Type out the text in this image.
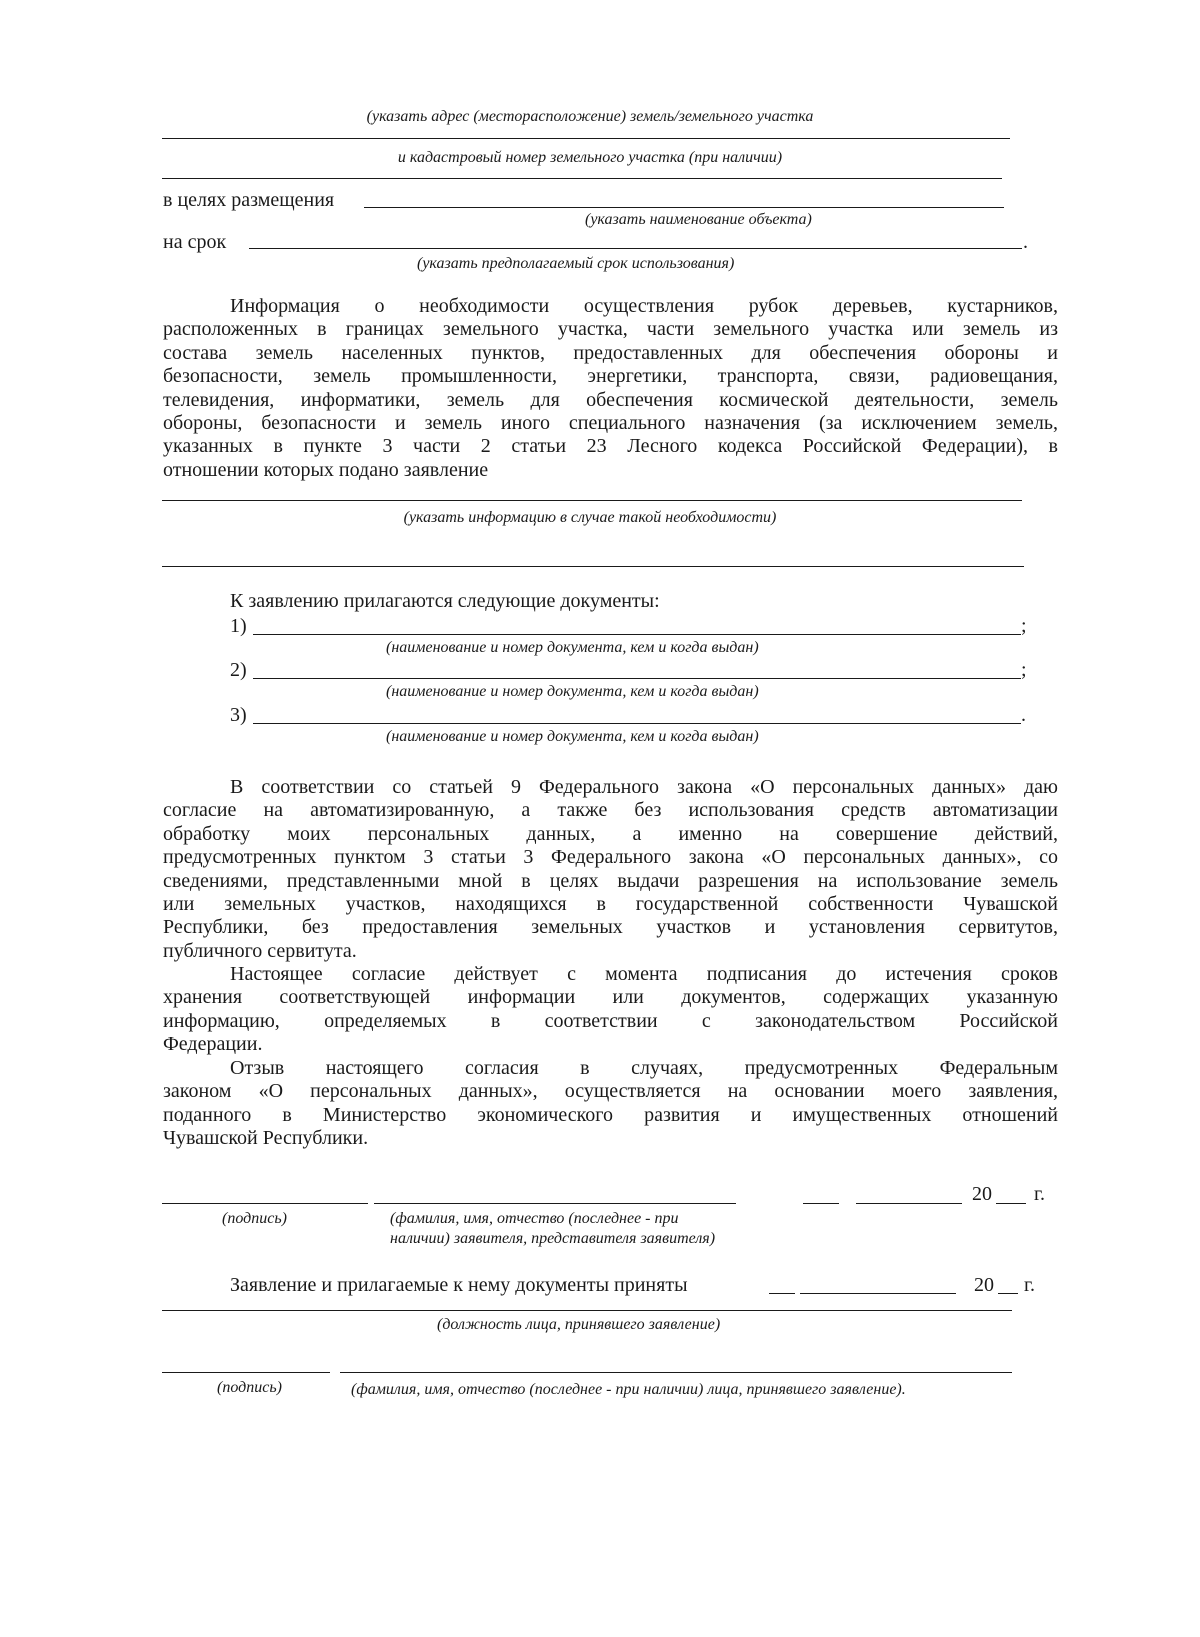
(указать адрес (месторасположение) земель/земельного участка
и кадастровый номер земельного участка (при наличии)
в целях размещения
(указать наименование объекта)
на срок	.
(указать предполагаемый срок использования)
Информация о необходимости осуществления рубок деревьев, кустарников,
расположенных в границах земельного участка, части земельного участка или земель из
состава земель населенных пунктов, предоставленных для обеспечения обороны и
безопасности, земель промышленности, энергетики, транспорта, связи, радиовещания,
телевидения, информатики, земель для обеспечения космической деятельности, земель
обороны, безопасности и земель иного специального назначения (за исключением земель,
указанных в пункте 3 части 2 статьи 23 Лесного кодекса Российской Федерации), в
отношении которых подано заявление
(указать информацию в случае такой необходимости)
К заявлению прилагаются следующие документы:
1)	;
(наименование и номер документа, кем и когда выдан)
2)	;
(наименование и номер документа, кем и когда выдан)
3)	.
(наименование и номер документа, кем и когда выдан)
В соответствии со статьей 9 Федерального закона «О персональных данных» даю
согласие на автоматизированную, а также без использования средств автоматизации
обработку моих персональных данных, а именно на совершение действий,
предусмотренных пунктом 3 статьи 3 Федерального закона «О персональных данных», со
сведениями, представленными мной в целях выдачи разрешения на использование земель
или земельных участков, находящихся в государственной собственности Чувашской
Республики, без предоставления земельных участков и установления сервитутов,
публичного сервитута.
Настоящее согласие действует с момента подписания до истечения сроков
хранения соответствующей информации или документов, содержащих указанную
информацию, определяемых в соответствии с законодательством Российской
Федерации.
Отзыв настоящего согласия в случаях, предусмотренных Федеральным
законом «О персональных данных», осуществляется на основании моего заявления,
поданного в Министерство экономического развития и имущественных отношений
Чувашской Республики.
20 г.
(подпись)	(фамилия, имя, отчество (последнее - при
наличии) заявителя, представителя заявителя)
Заявление и прилагаемые к нему документы приняты	20 г.
(должность лица, принявшего заявление)
(подпись)	(фамилия, имя, отчество (последнее - при наличии) лица, принявшего заявление).
